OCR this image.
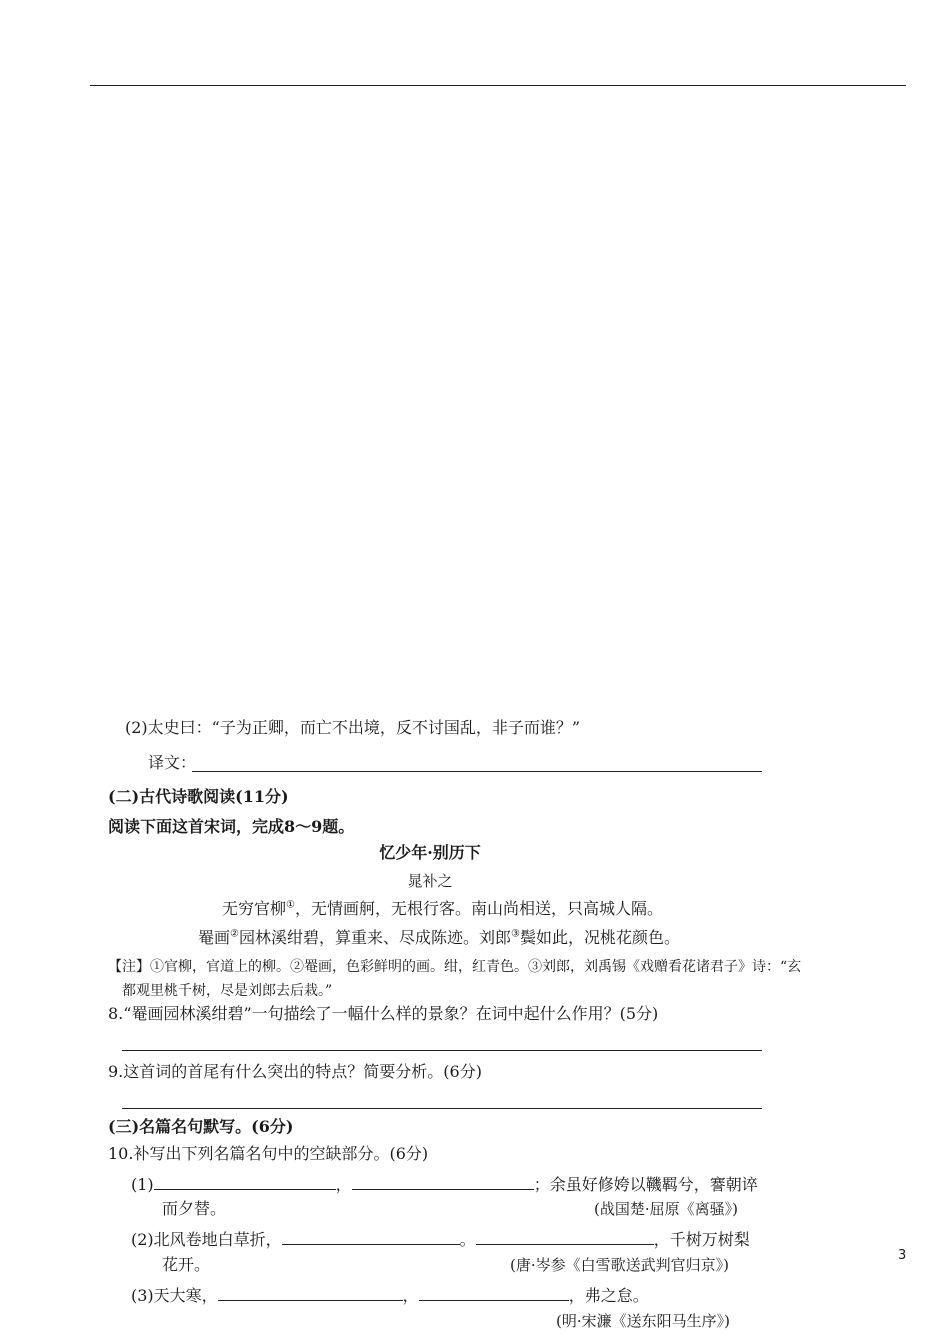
(2)太史曰：“子为正卿，而亡不出境，反不讨国乱，非子而谁？”
译文：
(二)古代诗歌阅读(11分)
阅读下面这首宋词，完成8～9题。
忆少年·别历下
晁补之
无穷官柳①，无情画舸，无根行客。南山尚相送，只高城人隔。
罨画②园林溪绀碧，算重来、尽成陈迹。刘郎③鬓如此，况桃花颜色。
【注】①官柳，官道上的柳。②罨画，色彩鲜明的画。绀，红青色。③刘郎，刘禹锡《戏赠看花诸君子》诗：“玄
都观里桃千树，尽是刘郎去后栽。”
8.“罨画园林溪绀碧”一句描绘了一幅什么样的景象？在词中起什么作用？(5分)
9.这首词的首尾有什么突出的特点？简要分析。(6分)
(三)名篇名句默写。(6分)
10.补写出下列名篇名句中的空缺部分。(6分)
(1)	，	；余虽好修姱以鞿羁兮，謇朝谇
而夕替。	(战国楚·屈原《离骚》)
(2)北风卷地白草折，	。	，千树万树梨
花开。	(唐·岑参《白雪歌送武判官归京》)
(3)天大寒，	，	，弗之怠。
(明·宋濂《送东阳马生序》)
3
